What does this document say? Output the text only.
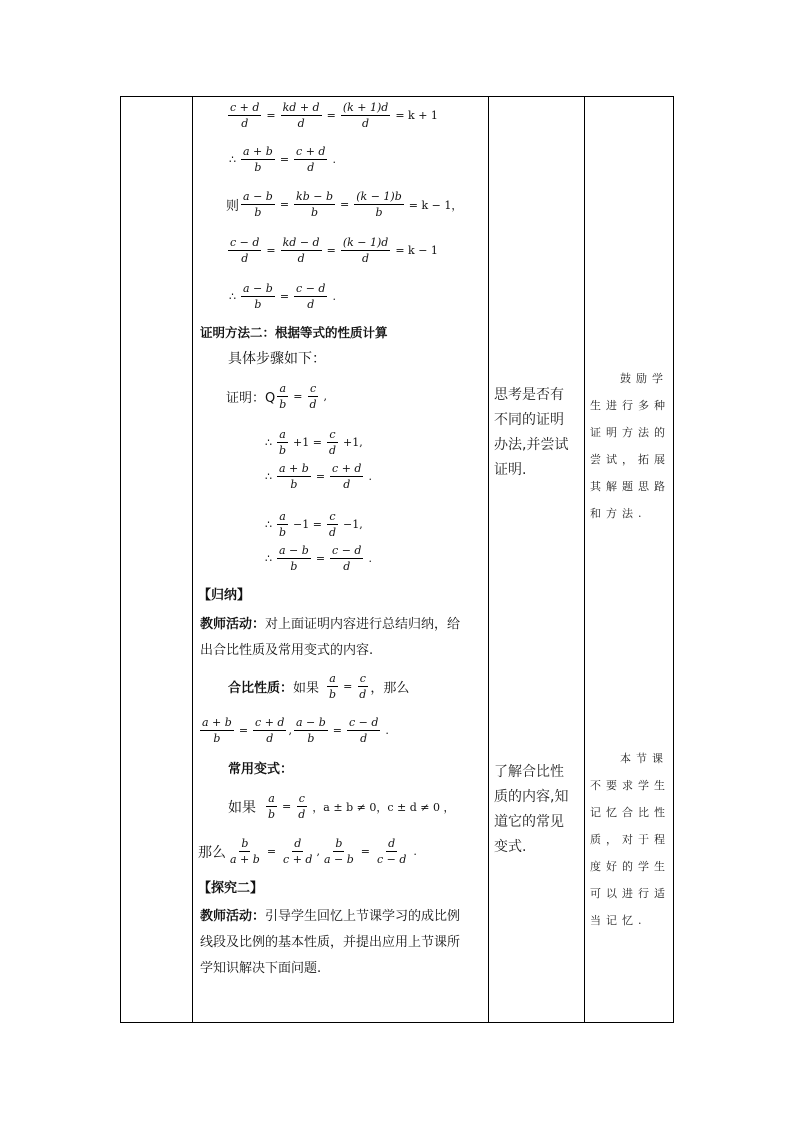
$\frac{c + d}{d} = \frac{kd + d}{d} = \frac{(k + 1)d}{d} = k + 1$
∴ $\frac{a + b}{b} = \frac{c + d}{d}$ .
则 $\frac{a - b}{b} = \frac{kb - b}{b} = \frac{(k - 1)b}{b} = k - 1$，
$\frac{c - d}{d} = \frac{kd - d}{d} = \frac{(k - 1)d}{d} = k - 1$
∴ $\frac{a - b}{b} = \frac{c - d}{d}$ .
证明方法二：根据等式的性质计算
具体步骤如下：
证明：Q $\frac{a}{b} = \frac{c}{d}$ ,
∴ $\frac{a}{b} +1 = \frac{c}{d} +1$,
∴ $\frac{a + b}{b} = \frac{c + d}{d}$ .
∴ $\frac{a}{b} -1 = \frac{c}{d} -1$,
∴ $\frac{a - b}{b} = \frac{c - d}{d}$ .
【归纳】
教师活动：对上面证明内容进行总结归纳，给
出合比性质及常用变式的内容.
合比性质： 如果 $\frac{a}{b} = \frac{c}{d}$ ，那么
$\frac{a + b}{b} = \frac{c + d}{d}$ , $\frac{a - b}{b} = \frac{c - d}{d}$ .
常用变式：
如果 $\frac{a}{b} = \frac{c}{d}$ ，a ± b ≠ 0，c ± d ≠ 0 ，
那么 $\frac{b}{a + b} = \frac{d}{c + d}$ , $\frac{b}{a - b} = \frac{d}{c - d}$ .
【探究二】
教师活动：引导学生回忆上节课学习的成比例
线段及比例的基本性质，并提出应用上节课所
学知识解决下面问题.
思考是否有
不同的证明
办法,并尝试
证明.
了解合比性
质的内容,知
道它的常见
变式.
鼓励学
生进行多种
证明方法的
尝试，拓展
其解题思路
和方法.
本节课
不要求学生
记忆合比性
质，对于程
度好的学生
可以进行适
当记忆.
